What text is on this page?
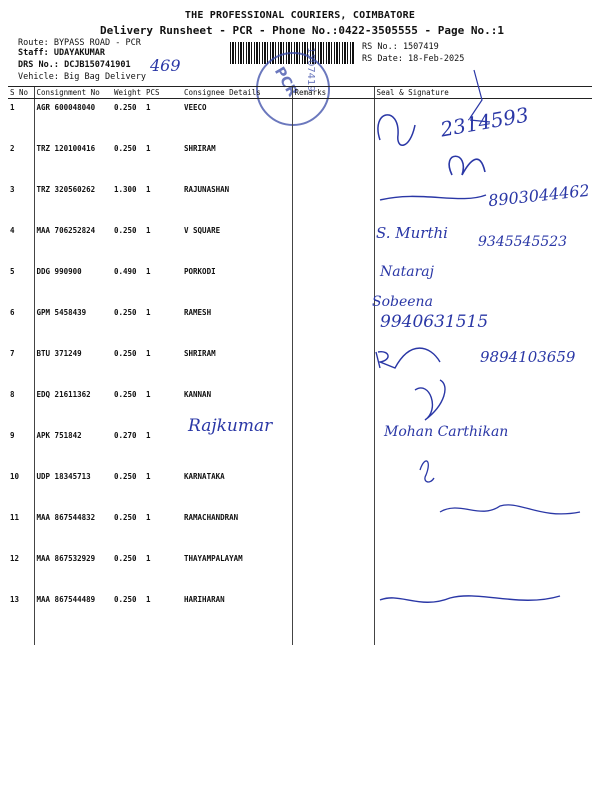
THE PROFESSIONAL COURIERS, COIMBATORE
Delivery Runsheet - PCR - Phone No.:0422-3505555 - Page No.:1
Route: BYPASS ROAD - PCR
Staff: UDAYAKUMAR
DRS No.: DCJB150741901
Vehicle: Big Bag Delivery
RS No.: 1507419
RS Date: 18-Feb-2025
PCR 1507419
S No	Consignment No	Weight	PCS	Consignee Details	Remarks	Seal & Signature
1	AGR 600048040	0.250	1	VEECO		
2	TRZ 120100416	0.250	1	SHRIRAM		
3	TRZ 320560262	1.300	1	RAJUNASHAN		
4	MAA 706252824	0.250	1	V SQUARE		
5	DDG 990900	0.490	1	PORKODI		
6	GPM 5458439	0.250	1	RAMESH		
7	BTU 371249	0.250	1	SHRIRAM		
8	EDQ 21611362	0.250	1	KANNAN		
9	APK 751842	0.270	1			
10	UDP 18345713	0.250	1	KARNATAKA		
11	MAA 867544832	0.250	1	RAMACHANDRAN		
12	MAA 867532929	0.250	1	THAYAMPALAYAM		
13	MAA 867544489	0.250	1	HARIHARAN		
469
Rajkumar
2314593
8903044462
S. Murthi 9345545523
Nataraj
Sobeena
9940631515
9894103659
Mohan Carthikan
